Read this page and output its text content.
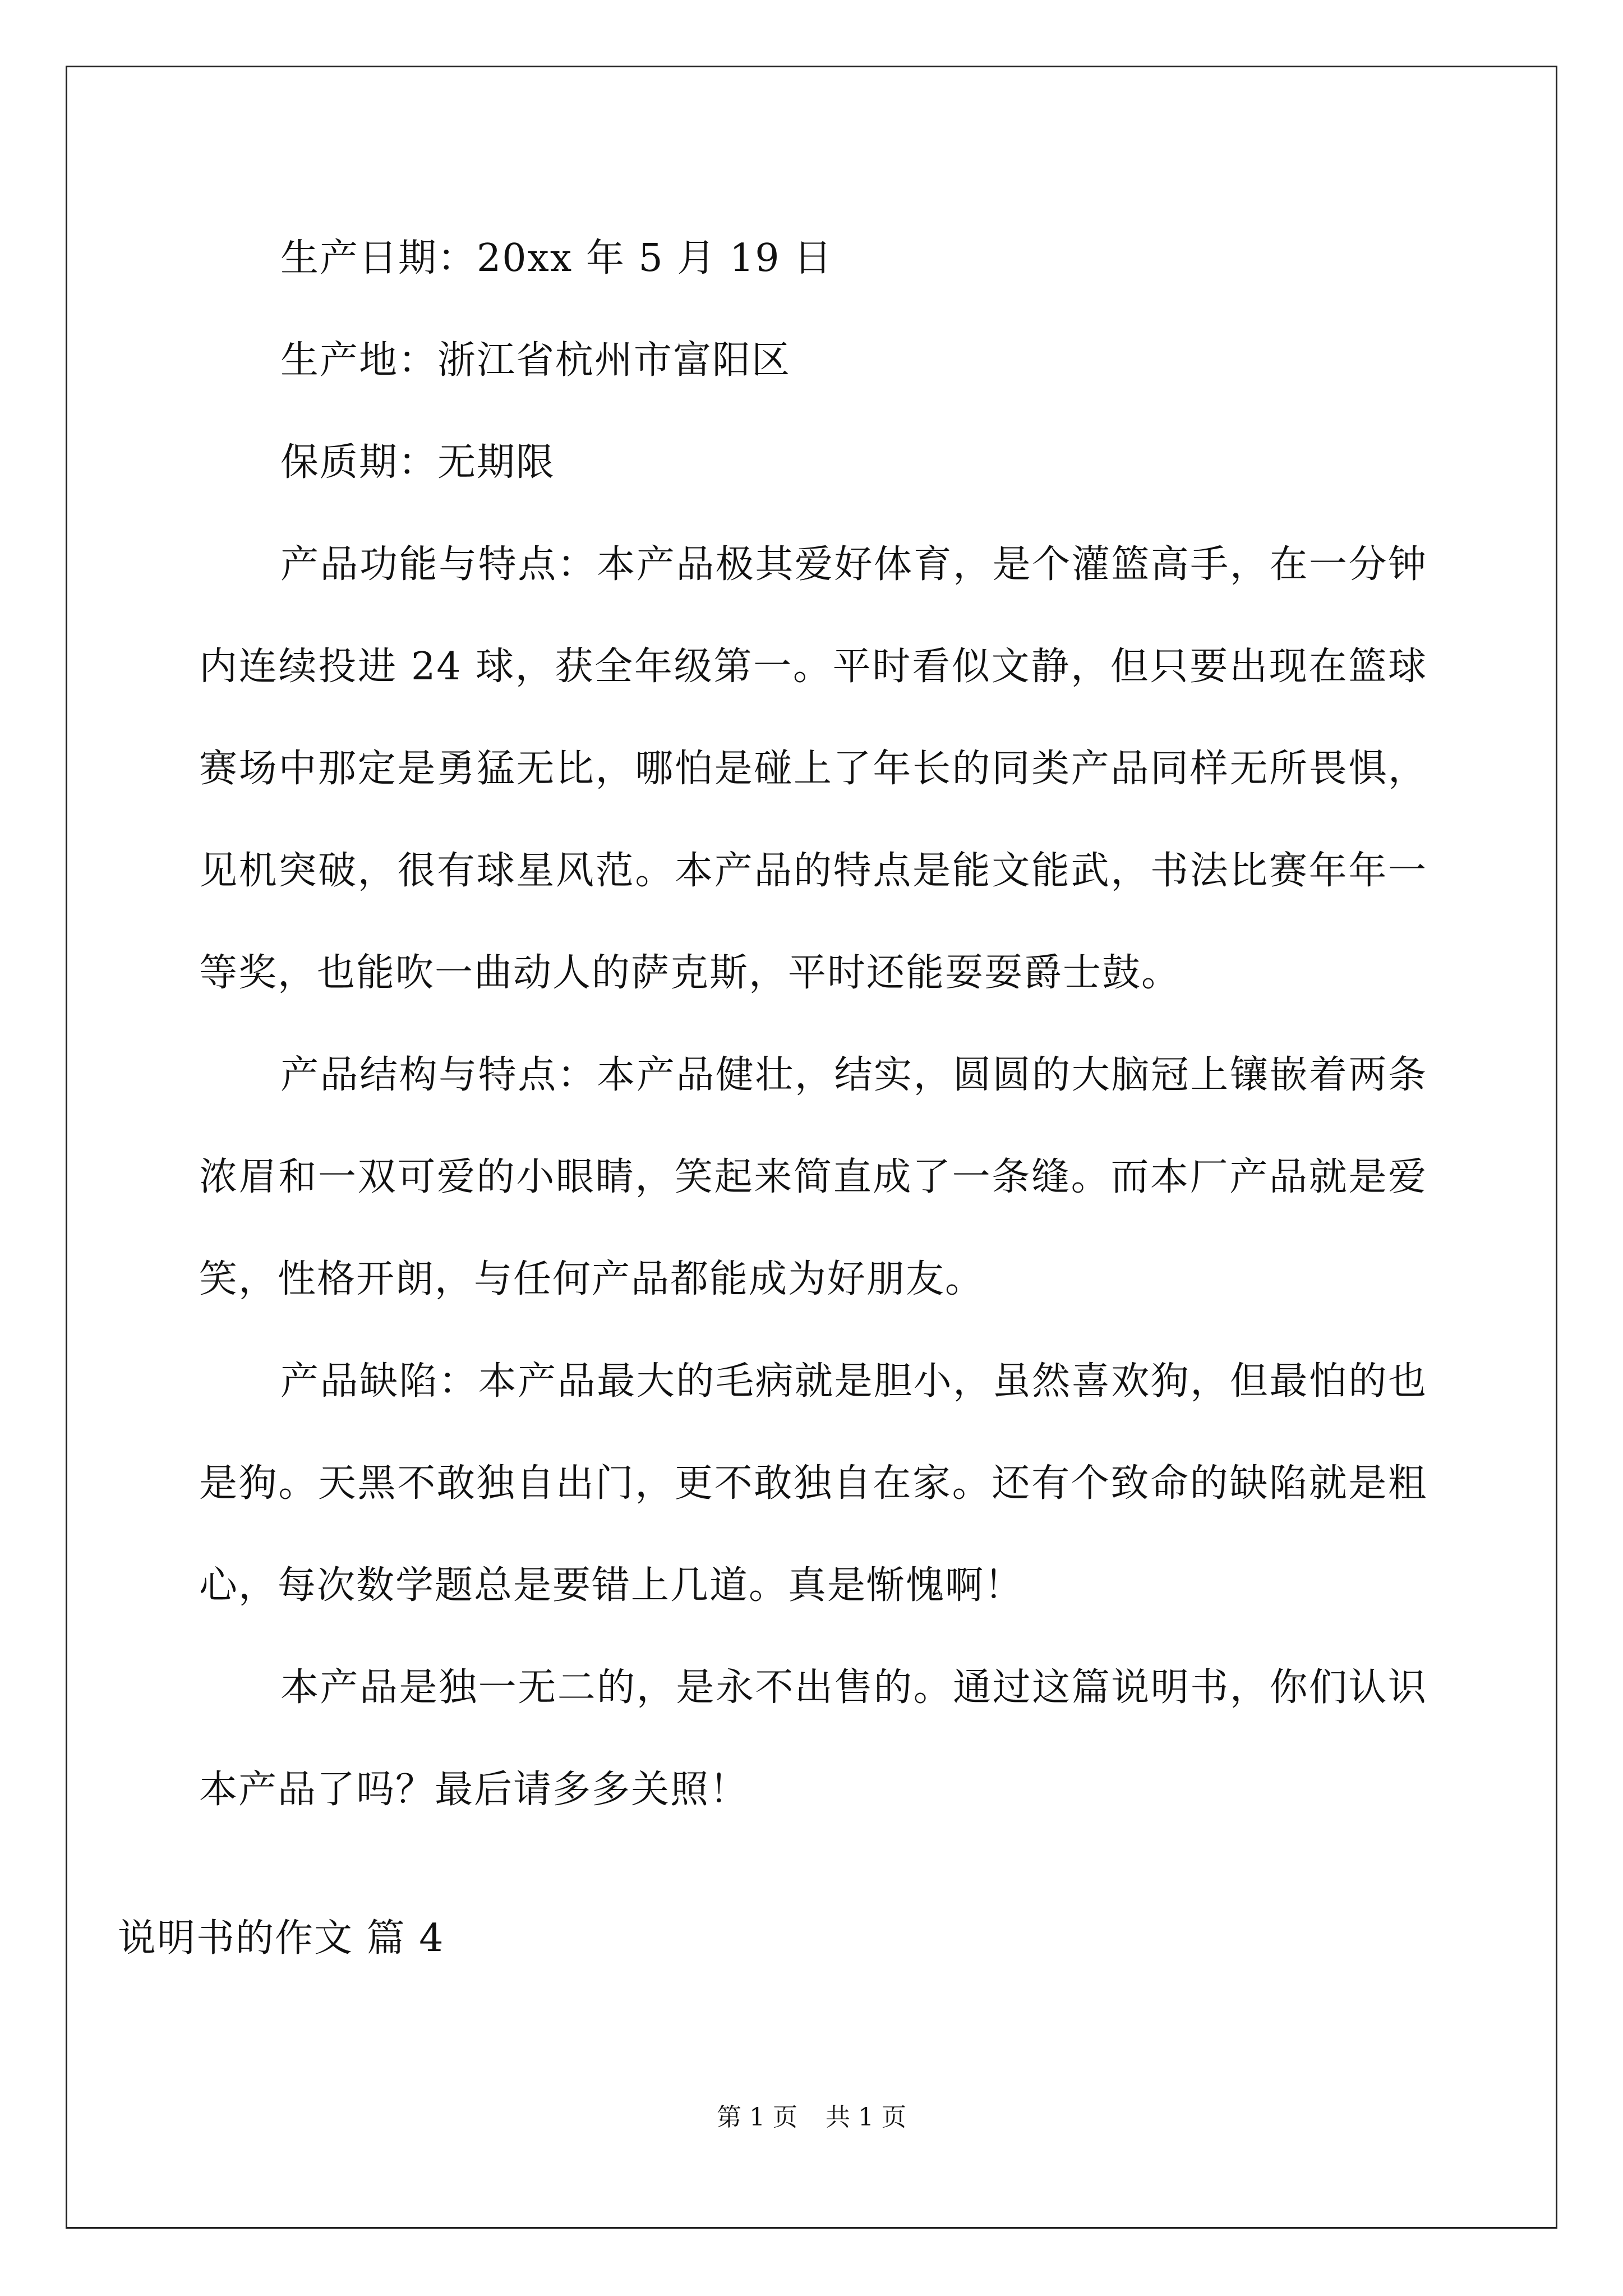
生产日期：20xx 年 5 月 19 日

生产地：浙江省杭州市富阳区

保质期：无期限

产品功能与特点：本产品极其爱好体育，是个灌篮高手，在一分钟内连续投进 24 球，获全年级第一。平时看似文静，但只要出现在篮球赛场中那定是勇猛无比，哪怕是碰上了年长的同类产品同样无所畏惧，见机突破，很有球星风范。本产品的特点是能文能武，书法比赛年年一等奖，也能吹一曲动人的萨克斯，平时还能耍耍爵士鼓。

产品结构与特点：本产品健壮，结实，圆圆的大脑冠上镶嵌着两条浓眉和一双可爱的小眼睛，笑起来简直成了一条缝。而本厂产品就是爱笑，性格开朗，与任何产品都能成为好朋友。

产品缺陷：本产品最大的毛病就是胆小，虽然喜欢狗，但最怕的也是狗。天黑不敢独自出门，更不敢独自在家。还有个致命的缺陷就是粗心，每次数学题总是要错上几道。真是惭愧啊！

本产品是独一无二的，是永不出售的。通过这篇说明书，你们认识本产品了吗？最后请多多关照！

说明书的作文 篇 4

第 1 页 共 1 页
